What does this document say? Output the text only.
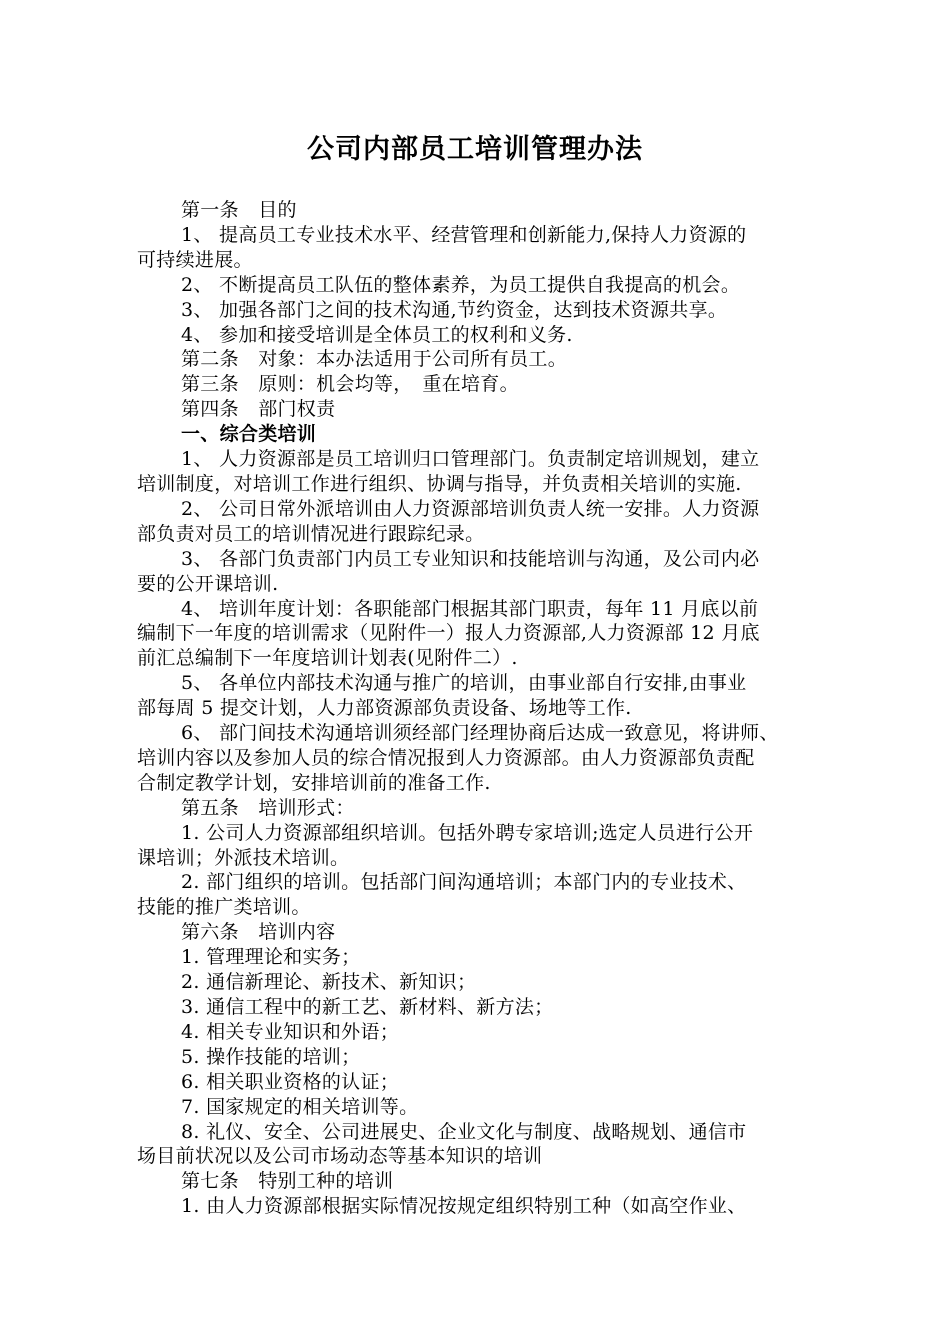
公司内部员工培训管理办法

第一条　目的

1、 提高员工专业技术水平、经营管理和创新能力,保持人力资源的
可持续进展。

2、 不断提高员工队伍的整体素养，为员工提供自我提高的机会。

3、 加强各部门之间的技术沟通,节约资金，达到技术资源共享。

4、 参加和接受培训是全体员工的权利和义务.

第二条　对象：本办法适用于公司所有员工。

第三条　原则：机会均等，　重在培育。

第四条　部门权责

一、综合类培训

1、 人力资源部是员工培训归口管理部门。负责制定培训规划，建立
培训制度，对培训工作进行组织、协调与指导，并负责相关培训的实施.

2、 公司日常外派培训由人力资源部培训负责人统一安排。人力资源
部负责对员工的培训情况进行跟踪纪录。

3、 各部门负责部门内员工专业知识和技能培训与沟通，及公司内必
要的公开课培训.

4、 培训年度计划：各职能部门根据其部门职责，每年 11 月底以前
编制下一年度的培训需求（见附件一）报人力资源部,人力资源部 12 月底
前汇总编制下一年度培训计划表(见附件二）.

5、 各单位内部技术沟通与推广的培训，由事业部自行安排,由事业
部每周 5 提交计划，人力部资源部负责设备、场地等工作.

6、 部门间技术沟通培训须经部门经理协商后达成一致意见，将讲师、
培训内容以及参加人员的综合情况报到人力资源部。由人力资源部负责配
合制定教学计划，安排培训前的准备工作.

第五条　培训形式：

1. 公司人力资源部组织培训。包括外聘专家培训;选定人员进行公开
课培训；外派技术培训。

2. 部门组织的培训。包括部门间沟通培训；本部门内的专业技术、
技能的推广类培训。

第六条　培训内容

1. 管理理论和实务；

2. 通信新理论、新技术、新知识；

3. 通信工程中的新工艺、新材料、新方法；

4. 相关专业知识和外语；

5. 操作技能的培训；

6. 相关职业资格的认证；

7. 国家规定的相关培训等。

8. 礼仪、安全、公司进展史、企业文化与制度、战略规划、通信市
场目前状况以及公司市场动态等基本知识的培训

第七条　特别工种的培训

1. 由人力资源部根据实际情况按规定组织特别工种（如高空作业、
